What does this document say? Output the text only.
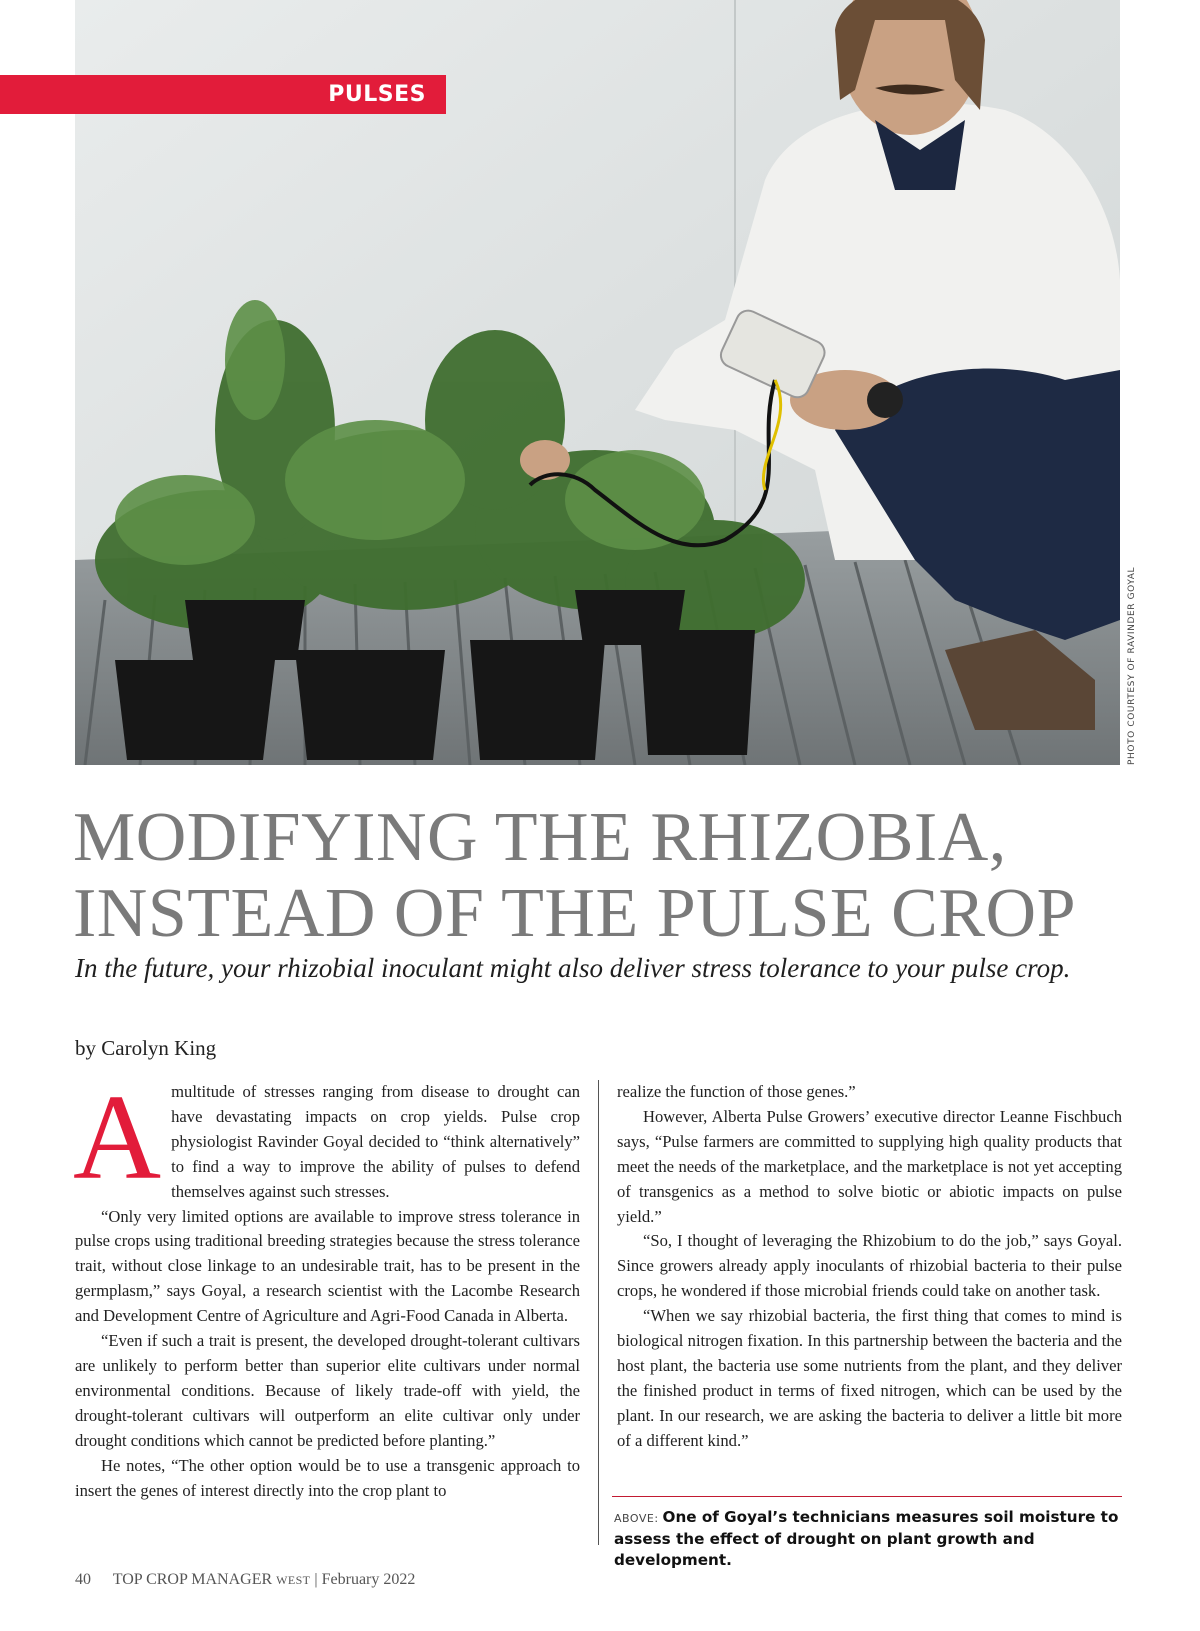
PHOTO COURTESY OF RAVINDER GOYAL
PULSES
MODIFYING THE RHIZOBIA,
INSTEAD OF THE PULSE CROP
In the future, your rhizobial inoculant might also deliver stress tolerance to your pulse crop.
by Carolyn King

Amultitude of stresses ranging from disease to drought can have devastating impacts on crop yields. Pulse crop physiologist Ravinder Goyal decided to “think alternatively” to find a way to improve the ability of pulses to defend themselves against such stresses.

“Only very limited options are available to improve stress tolerance in pulse crops using traditional breeding strategies because the stress tolerance trait, without close linkage to an undesirable trait, has to be present in the germplasm,” says Goyal, a research scientist with the Lacombe Research and Development Centre of Agriculture and Agri-Food Canada in Alberta.

“Even if such a trait is present, the developed drought-tolerant cultivars are unlikely to perform better than superior elite cultivars under normal environmental conditions. Because of likely trade-off with yield, the drought-tolerant cultivars will outperform an elite cultivar only under drought conditions which cannot be predicted before planting.”

He notes, “The other option would be to use a transgenic approach to insert the genes of interest directly into the crop plant to

realize the function of those genes.”

However, Alberta Pulse Growers’ executive director Leanne Fischbuch says, “Pulse farmers are committed to supplying high quality products that meet the needs of the marketplace, and the marketplace is not yet accepting of transgenics as a method to solve biotic or abiotic impacts on pulse yield.”

“So, I thought of leveraging the Rhizobium to do the job,” says Goyal. Since growers already apply inoculants of rhizobial bacteria to their pulse crops, he wondered if those microbial friends could take on another task.

“When we say rhizobial bacteria, the first thing that comes to mind is biological nitrogen fixation. In this partnership between the bacteria and the host plant, the bacteria use some nutrients from the plant, and they deliver the finished product in terms of fixed nitrogen, which can be used by the plant. In our research, we are asking the bacteria to deliver a little bit more of a different kind.”

ABOVE: One of Goyal’s technicians measures soil moisture to assess the effect of drought on plant growth and development.
40 TOP CROP MANAGER WEST | February 2022
